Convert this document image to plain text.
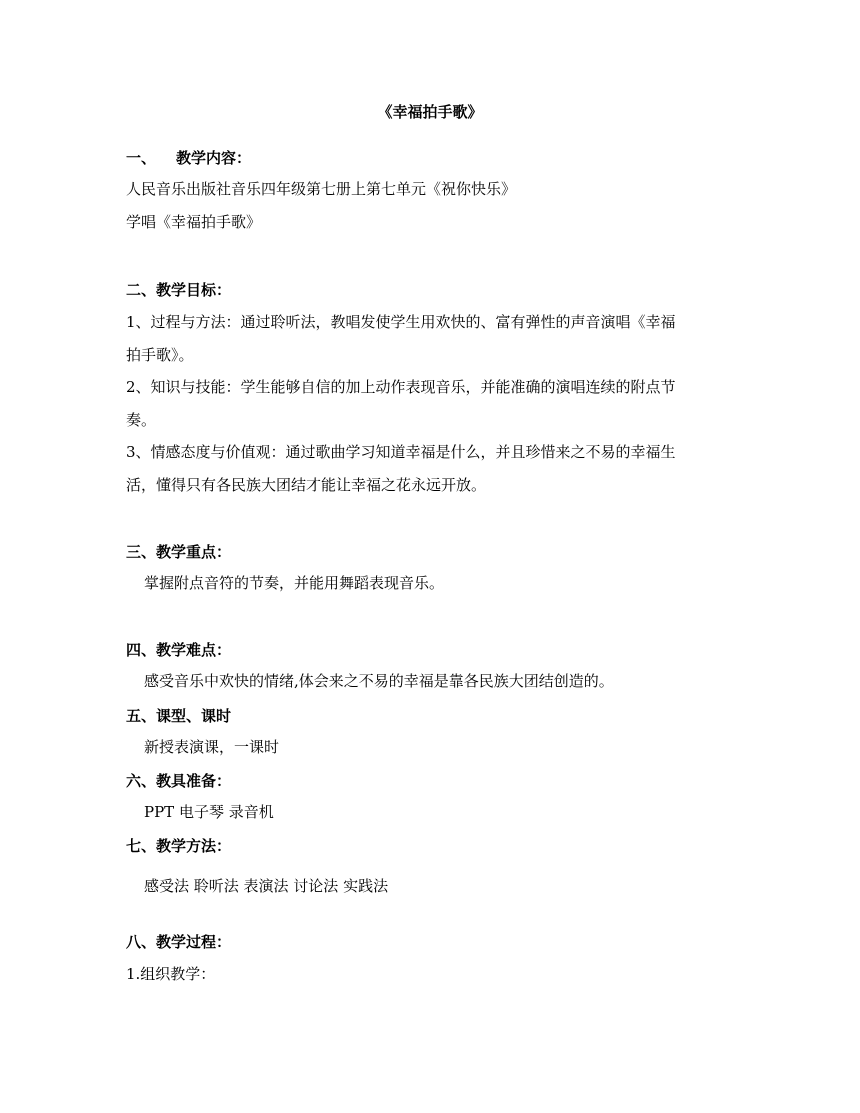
《幸福拍手歌》
一、 教学内容：
人民音乐出版社音乐四年级第七册上第七单元《祝你快乐》
学唱《幸福拍手歌》
二、教学目标：
1、过程与方法：通过聆听法，教唱发使学生用欢快的、富有弹性的声音演唱《幸福
拍手歌》。
2、知识与技能：学生能够自信的加上动作表现音乐，并能准确的演唱连续的附点节
奏。
3、情感态度与价值观：通过歌曲学习知道幸福是什么，并且珍惜来之不易的幸福生
活，懂得只有各民族大团结才能让幸福之花永远开放。
三、教学重点：
掌握附点音符的节奏，并能用舞蹈表现音乐。
四、教学难点：
感受音乐中欢快的情绪,体会来之不易的幸福是靠各民族大团结创造的。
五、课型、课时
新授表演课，一课时
六、教具准备：
PPT 电子琴 录音机
七、教学方法：
感受法 聆听法 表演法 讨论法 实践法
八、教学过程：
1.组织教学：
